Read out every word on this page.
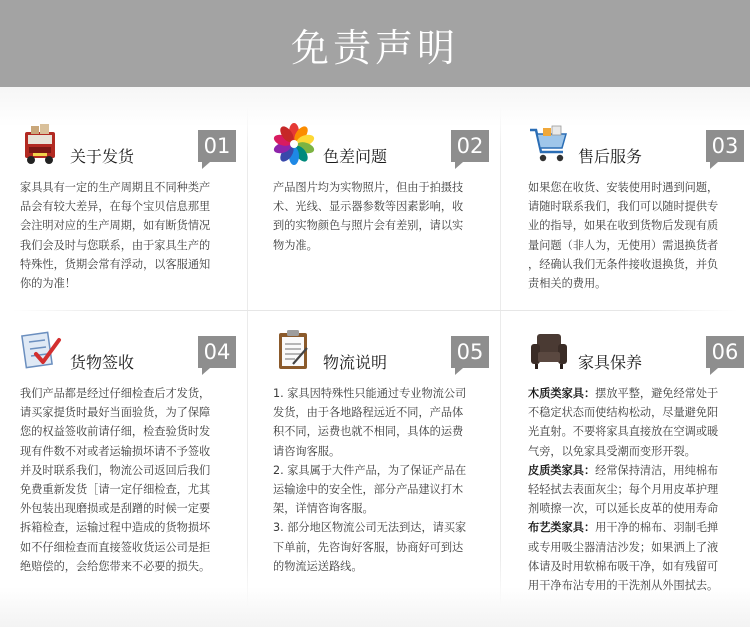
免责声明
关于发货	01

家具具有一定的生产周期且不同种类产

品会有较大差异，在每个宝贝信息那里

会注明对应的生产周期，如有断货情况

我们会及时与您联系，由于家具生产的

特殊性，货期会常有浮动，以客服通知

你的为准！

色差问题	02

产品图片均为实物照片，但由于拍摄技

术、光线、显示器参数等因素影响，收

到的实物颜色与照片会有差别，请以实

物为准。

售后服务	03

如果您在收货、安装使用时遇到问题，

请随时联系我们，我们可以随时提供专

业的指导，如果在收到货物后发现有质

量问题（非人为，无使用）需退换货者

，经确认我们无条件接收退换货，并负

责相关的费用。

货物签收	04

我们产品都是经过仔细检查后才发货，

请买家提货时最好当面验货，为了保障

您的权益签收前请仔细，检查验货时发

现有件数不对或者运输损坏请不予签收

并及时联系我们，物流公司返回后我们

免费重新发货［请一定仔细检查，尤其

外包装出现磨损或是刮蹭的时候一定要

拆箱检查，运输过程中造成的货物损坏

如不仔细检查而直接签收货运公司是拒

绝赔偿的，会给您带来不必要的损失。

物流说明	05

1. 家具因特殊性只能通过专业物流公司

发货，由于各地路程远近不同，产品体

积不同，运费也就不相同，具体的运费

请咨询客服。

2. 家具属于大件产品，为了保证产品在

运输途中的安全性，部分产品建议打木

架，详情咨询客服。

3. 部分地区物流公司无法到达，请买家

下单前，先咨询好客服，协商好可到达

的物流运送路线。

家具保养	06

木质类家具：摆放平整，避免经常处于

不稳定状态而使结构松动，尽量避免阳

光直射。不要将家具直接放在空调或暖

气旁，以免家具受潮而变形开裂。

皮质类家具：经常保持清洁，用纯棉布

轻轻拭去表面灰尘；每个月用皮革护理

剂喷擦一次，可以延长皮革的使用寿命

布艺类家具：用干净的棉布、羽制毛掸

或专用吸尘器清洁沙发；如果洒上了液

体请及时用软棉布吸干净，如有残留可

用干净布沾专用的干洗剂从外围拭去。
